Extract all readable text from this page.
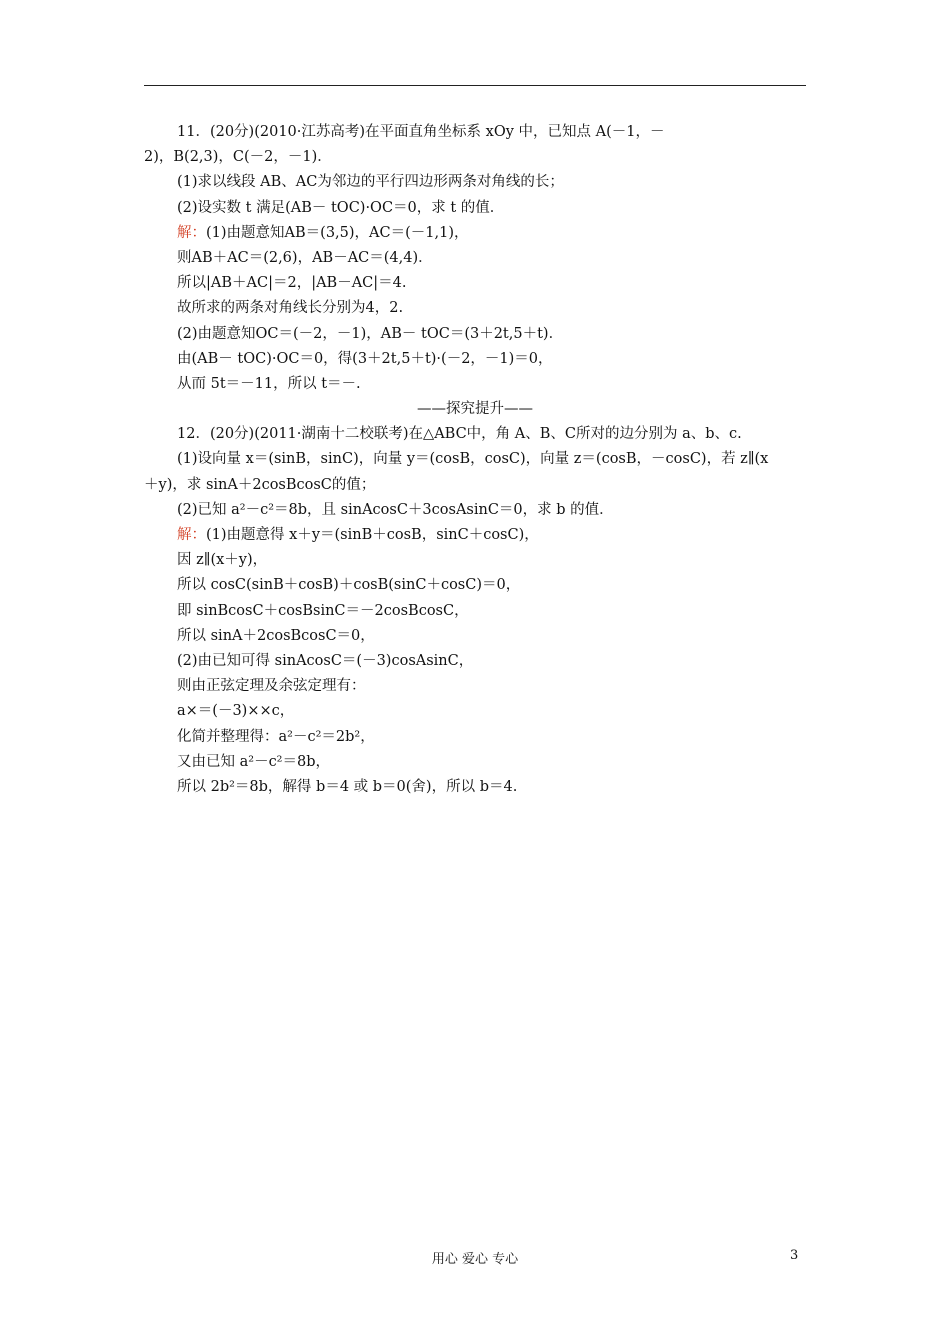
11．(20分)(2010·江苏高考)在平面直角坐标系 xOy 中，已知点 A(－1，－
2)，B(2,3)，C(－2，－1)．
(1)求以线段 AB、AC为邻边的平行四边形两条对角线的长；
(2)设实数 t 满足(AB－ tOC)·OC＝0，求 t 的值．
解：(1)由题意知AB＝(3,5)，AC＝(－1,1)，
则AB＋AC＝(2,6)，AB－AC＝(4,4)．
所以|AB＋AC|＝2，|AB－AC|＝4.
故所求的两条对角线长分别为4，2.
(2)由题意知OC＝(－2，－1)，AB－ tOC＝(3＋2t,5＋t)．
由(AB－ tOC)·OC＝0，得(3＋2t,5＋t)·(－2，－1)＝0，
从而 5t＝－11，所以 t＝－.
——探究提升——
12．(20分)(2011·湖南十二校联考)在△ABC中，角 A、B、C所对的边分别为 a、b、c.
(1)设向量 x＝(sinB，sinC)，向量 y＝(cosB，cosC)，向量 z＝(cosB，－cosC)，若 z∥(x
＋y)，求 sinA＋2cosBcosC的值；
(2)已知 a²－c²＝8b，且 sinAcosC＋3cosAsinC＝0，求 b 的值．
解：(1)由题意得 x＋y＝(sinB＋cosB，sinC＋cosC)，
因 z∥(x＋y)，
所以 cosC(sinB＋cosB)＋cosB(sinC＋cosC)＝0，
即 sinBcosC＋cosBsinC＝－2cosBcosC，
所以 sinA＋2cosBcosC＝0，
(2)由已知可得 sinAcosC＝(－3)cosAsinC，
则由正弦定理及余弦定理有：
a×＝(－3)××c，
化简并整理得：a²－c²＝2b²，
又由已知 a²－c²＝8b，
所以 2b²＝8b，解得 b＝4 或 b＝0(舍)，所以 b＝4.
用心 爱心 专心	3
